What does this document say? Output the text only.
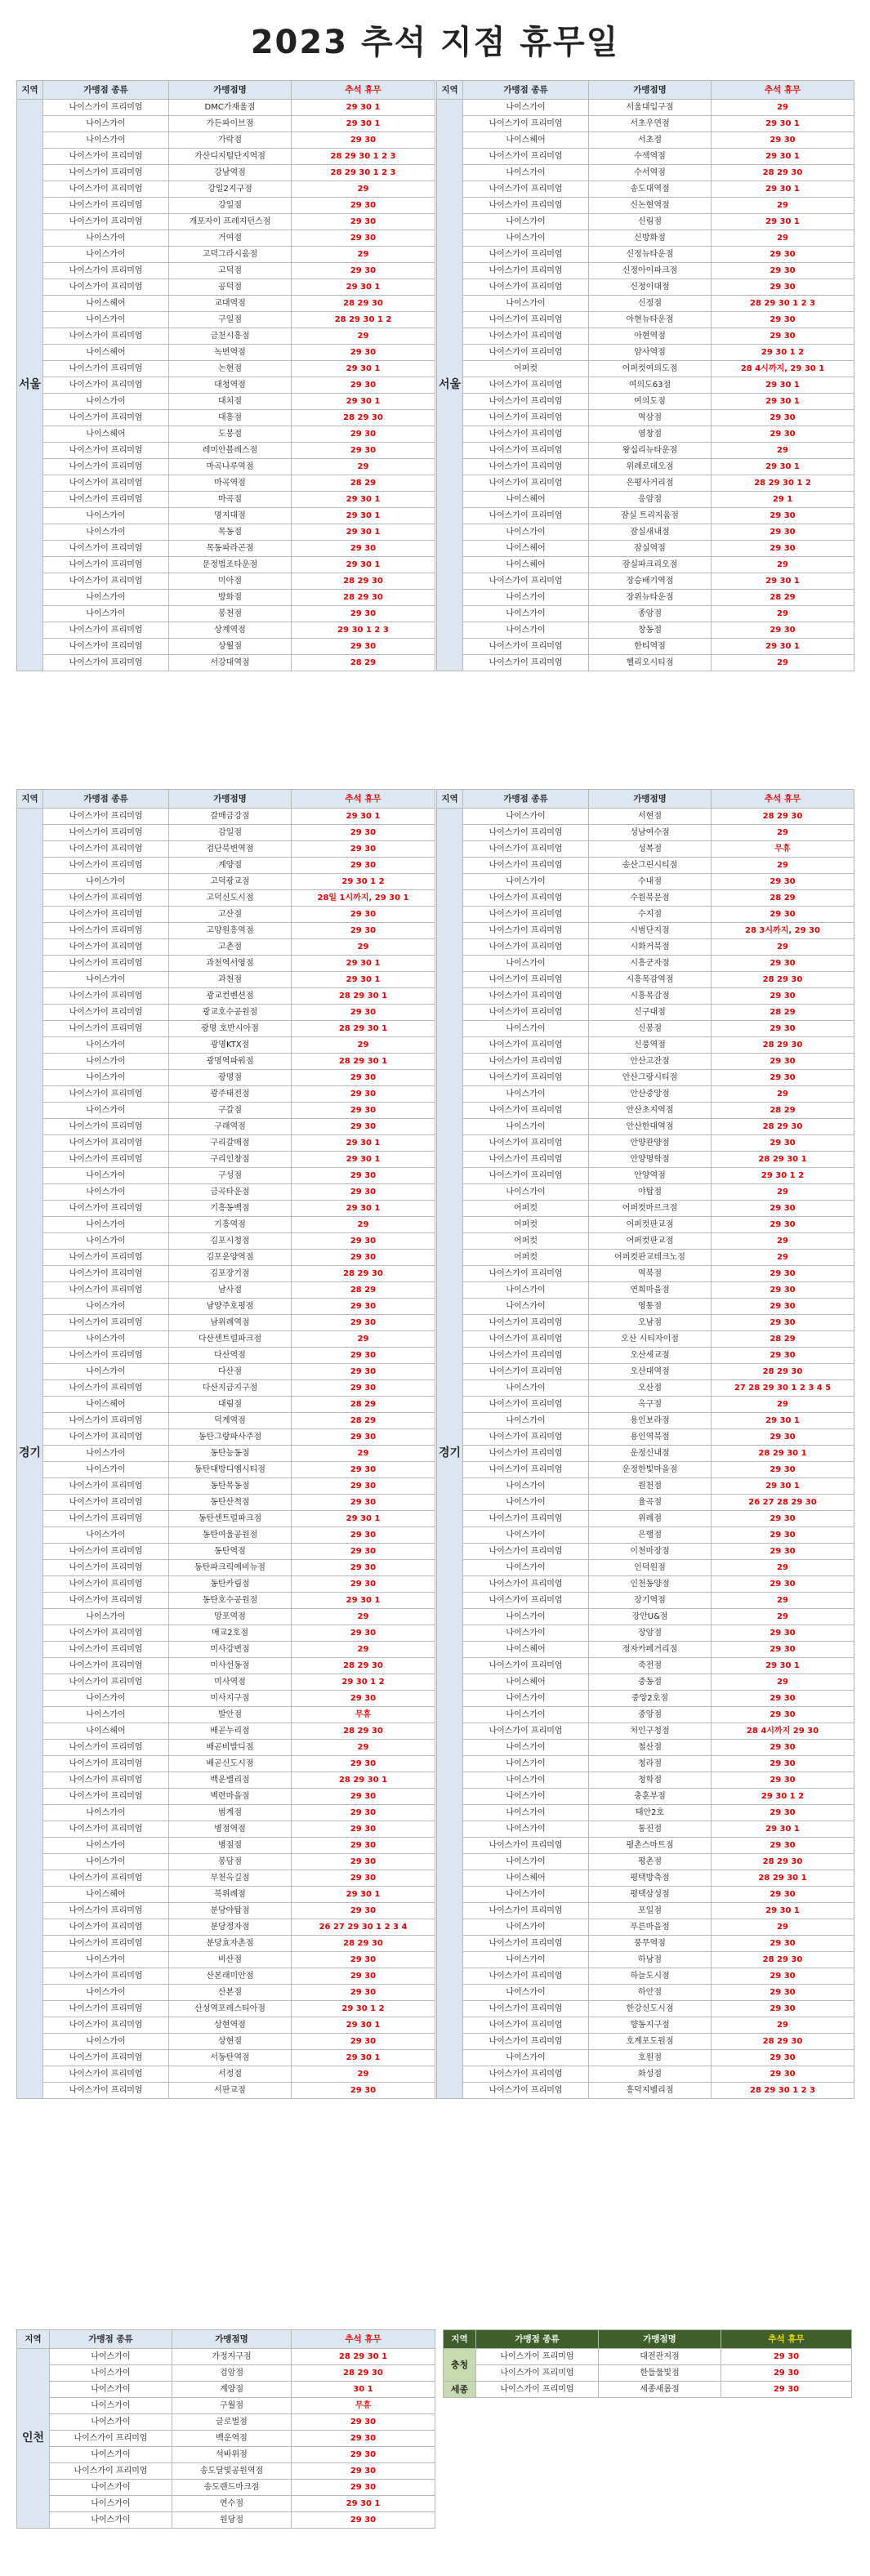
2023 추석 지점 휴무일
지역	가맹점 종류	가맹점명	추석 휴무
서울	나이스가이 프리미엄	DMC가재울점	29 30 1
	나이스가이	가든파이브점	29 30 1
	나이스가이	가락점	29 30
	나이스가이 프리미엄	가산디지털단지역점	28 29 30 1 2 3
	나이스가이 프리미엄	강남역점	28 29 30 1 2 3
	나이스가이 프리미엄	강일2지구점	29
	나이스가이 프리미엄	강일점	29 30
	나이스가이 프리미엄	개포자이 프레지던스점	29 30
	나이스가이	거여점	29 30
	나이스가이	고덕그라시움점	29
	나이스가이 프리미엄	고덕점	29 30
	나이스가이 프리미엄	공덕점	29 30 1
	나이스헤어	교대역점	28 29 30
	나이스가이	구일점	28 29 30 1 2
	나이스가이 프리미엄	금천시흥점	29
	나이스헤어	녹번역점	29 30
	나이스가이 프리미엄	논현점	29 30 1
	나이스가이 프리미엄	대청역점	29 30
	나이스가이	대치점	29 30 1
	나이스가이 프리미엄	대흥점	28 29 30
	나이스헤어	도봉점	29 30
	나이스가이 프리미엄	레미안블레스점	29 30
	나이스가이 프리미엄	마곡나루역점	29
	나이스가이 프리미엄	마곡역점	28 29
	나이스가이 프리미엄	마곡점	29 30 1
	나이스가이	명지대점	29 30 1
	나이스가이	목동점	29 30 1
	나이스가이 프리미엄	목동파라곤점	29 30
	나이스가이 프리미엄	문정법조타운점	29 30 1
	나이스가이 프리미엄	미아점	28 29 30
	나이스가이	방화점	28 29 30
	나이스가이	봉천점	29 30
	나이스가이 프리미엄	상계역점	29 30 1 2 3
	나이스가이 프리미엄	상월점	29 30
	나이스가이 프리미엄	서강대역점	28 29
지역	가맹점 종류	가맹점명	추석 휴무
서울	나이스가이	서울대입구점	29
	나이스가이 프리미엄	서초우면점	29 30 1
	나이스헤어	서초점	29 30
	나이스가이 프리미엄	수색역점	29 30 1
	나이스가이	수서역점	28 29 30
	나이스가이 프리미엄	송도대역점	29 30 1
	나이스가이 프리미엄	신논현역점	29
	나이스가이	신림점	29 30 1
	나이스가이	신방화점	29
	나이스가이 프리미엄	신정뉴타운점	29 30
	나이스가이 프리미엄	신정아이파크점	29 30
	나이스가이 프리미엄	신정이대점	29 30
	나이스가이	신정점	28 29 30 1 2 3
	나이스가이 프리미엄	아현뉴타운점	29 30
	나이스가이 프리미엄	아현역점	29 30
	나이스가이 프리미엄	암사역점	29 30 1 2
	어퍼컷	어퍼컷여의도점	28 4시까지, 29 30 1
	나이스가이 프리미엄	여의도63점	29 30 1
	나이스가이 프리미엄	여의도점	29 30 1
	나이스가이 프리미엄	역삼점	29 30
	나이스가이 프리미엄	염창점	29 30
	나이스가이 프리미엄	왕십리뉴타운점	29
	나이스가이 프리미엄	위례로데오점	29 30 1
	나이스가이 프리미엄	은평사거리점	28 29 30 1 2
	나이스헤어	응암점	29 1
	나이스가이 프리미엄	잠실 트리지움점	29 30
	나이스가이	잠실새내점	29 30
	나이스헤어	잠실역점	29 30
	나이스헤어	잠실파크리오점	29
	나이스가이 프리미엄	장승배기역점	29 30 1
	나이스가이	장위뉴타운점	28 29
	나이스가이	종암점	29
	나이스가이	창동점	29 30
	나이스가이 프리미엄	한티역점	29 30 1
	나이스가이 프리미엄	헬리오시티점	29
지역	가맹점 종류	가맹점명	추석 휴무
경기	나이스가이 프리미엄	갈매금강점	29 30 1
	나이스가이 프리미엄	감일점	29 30
	나이스가이 프리미엄	검단북변역점	29 30
	나이스가이 프리미엄	계양점	29 30
	나이스가이	고덕광교점	29 30 1 2
	나이스가이 프리미엄	고덕신도시점	28일 1시까지, 29 30 1
	나이스가이 프리미엄	고산점	29 30
	나이스가이 프리미엄	고양원흥역점	29 30
	나이스가이 프리미엄	고촌점	29
	나이스가이 프리미엄	과천역서영점	29 30 1
	나이스가이	과천점	29 30 1
	나이스가이 프리미엄	광교컨벤션점	28 29 30 1
	나이스가이 프리미엄	광교호수공원점	29 30
	나이스가이 프리미엄	광명 호반시아점	28 29 30 1
	나이스가이	광명KTX점	29
	나이스가이	광명역파워점	28 29 30 1
	나이스가이	광명점	29 30
	나이스가이 프리미엄	광주태전점	29 30
	나이스가이	구갈점	29 30
	나이스가이 프리미엄	구래역점	29 30
	나이스가이 프리미엄	구리갈매점	29 30 1
	나이스가이 프리미엄	구리인창점	29 30 1
	나이스가이	구성점	29 30
	나이스가이	금곡타운점	29 30
	나이스가이 프리미엄	기흥동백점	29 30 1
	나이스가이	기흥역점	29
	나이스가이	김포시청점	29 30
	나이스가이 프리미엄	김포운양역점	29 30
	나이스가이 프리미엄	김포장기점	28 29 30
	나이스가이 프리미엄	남사점	28 29
	나이스가이	남양주호평점	29 30
	나이스가이 프리미엄	남위례역점	29 30
	나이스가이	다산센트럴파크점	29
	나이스가이 프리미엄	다산역점	29 30
	나이스가이	다산점	29 30
	나이스가이 프리미엄	다산지금지구점	29 30
	나이스헤어	대림점	28 29
	나이스가이 프리미엄	덕계역점	28 29
	나이스가이 프리미엄	동탄그랑파사주점	29 30
	나이스가이	동탄능동점	29
	나이스가이	동탄대방디엠시티점	29 30
	나이스가이 프리미엄	동탄목동점	29 30
	나이스가이 프리미엄	동탄산척점	29 30
	나이스가이 프리미엄	동탄센트럴파크점	29 30 1
	나이스가이	동탄여울공원점	29 30
	나이스가이 프리미엄	동탄역점	29 30
	나이스가이 프리미엄	동탄파크릭에비뉴점	29 30
	나이스가이 프리미엄	동탄카림점	29 30
	나이스가이 프리미엄	동탄호수공원점	29 30 1
	나이스가이	망포역점	29
	나이스가이 프리미엄	매교2호점	29 30
	나이스가이 프리미엄	미사강변점	29
	나이스가이 프리미엄	미사선동점	28 29 30
	나이스가이 프리미엄	미사역점	29 30 1 2
	나이스가이	미사지구점	29 30
	나이스가이	발안점	무휴
	나이스헤어	배곧누리점	28 29 30
	나이스가이 프리미엄	배곧비발디점	29
	나이스가이 프리미엄	배곧신도시점	29 30
	나이스가이 프리미엄	백운밸리점	28 29 30 1
	나이스가이 프리미엄	벽련마을점	29 30
	나이스가이	범계점	29 30
	나이스가이 프리미엄	병점역점	29 30
	나이스가이	병점점	29 30
	나이스가이	봉담점	29 30
	나이스가이 프리미엄	부천옥길점	29 30
	나이스헤어	북위례점	29 30 1
	나이스가이 프리미엄	분당야탑점	29 30
	나이스가이 프리미엄	분당정자점	26 27 29 30 1 2 3 4
	나이스가이 프리미엄	분당효자촌점	28 29 30
	나이스가이	비산점	29 30
	나이스가이 프리미엄	산본래미안점	29 30
	나이스가이	산본점	29 30
	나이스가이 프리미엄	산성역포레스티아점	29 30 1 2
	나이스가이 프리미엄	상현역점	29 30 1
	나이스가이	상현점	29 30
	나이스가이 프리미엄	서동탄역점	29 30 1
	나이스가이 프리미엄	서정점	29
	나이스가이 프리미엄	서판교점	29 30
지역	가맹점 종류	가맹점명	추석 휴무
경기	나이스가이	서현점	28 29 30
	나이스가이 프리미엄	성남여수점	29
	나이스가이 프리미엄	성복점	무휴
	나이스가이 프리미엄	송산그린시티점	29
	나이스가이	수내점	29 30
	나이스가이 프리미엄	수원북문점	28 29
	나이스가이 프리미엄	수지점	29 30
	나이스가이 프리미엄	시범단지점	28 3시까지, 29 30
	나이스가이 프리미엄	시화거북점	29
	나이스가이	시흥군자점	29 30
	나이스가이 프리미엄	시흥목감역점	28 29 30
	나이스가이 프리미엄	시흥목감점	29 30
	나이스가이 프리미엄	신구대점	28 29
	나이스가이	신봉점	29 30
	나이스가이 프리미엄	신풍역점	28 29 30
	나이스가이 프리미엄	안산고잔점	29 30
	나이스가이 프리미엄	안산그랑시티점	29 30
	나이스가이	안산중앙점	29
	나이스가이 프리미엄	안산초지역점	28 29
	나이스가이	안산한대역점	28 29 30
	나이스가이 프리미엄	안양관양점	29 30
	나이스가이 프리미엄	안양명학점	28 29 30 1
	나이스가이 프리미엄	안양역점	29 30 1 2
	나이스가이	야탑점	29
	어퍼컷	어퍼컷마르크점	29 30
	어퍼컷	어퍼컷판교점	29 30
	어퍼컷	어퍼컷판교점	29
	어퍼컷	어퍼컷판교테크노점	29
	나이스가이 프리미엄	역북점	29 30
	나이스가이	연희마을점	29 30
	나이스가이	영통점	29 30
	나이스가이 프리미엄	오남점	29 30
	나이스가이 프리미엄	오산 시티자이점	28 29
	나이스가이 프리미엄	오산세교점	29 30
	나이스가이 프리미엄	오산대역점	28 29 30
	나이스가이	오산점	27 28 29 30 1 2 3 4 5
	나이스가이 프리미엄	옥구점	29
	나이스가이	용인보라점	29 30 1
	나이스가이 프리미엄	용인역북점	29 30
	나이스가이 프리미엄	운정신내점	28 29 30 1
	나이스가이 프리미엄	운정한빛마을점	29 30
	나이스가이	원천점	29 30 1
	나이스가이	율곡점	26 27 28 29 30
	나이스가이 프리미엄	위례점	29 30
	나이스가이	은행점	29 30
	나이스가이 프리미엄	이천마장점	29 30
	나이스가이	인덕원점	29
	나이스가이 프리미엄	인천동양점	29 30
	나이스가이 프리미엄	장기역점	29
	나이스가이	장안U&점	29
	나이스가이	장암점	29 30
	나이스헤어	정자카페거리점	29 30
	나이스가이 프리미엄	죽전점	29 30 1
	나이스헤어	중동점	29
	나이스가이	중앙2호점	29 30
	나이스가이	중앙점	29 30
	나이스가이 프리미엄	처인구청점	28 4시까지 29 30
	나이스가이	철산점	29 30
	나이스가이	청라점	29 30
	나이스가이	청학점	29 30
	나이스가이	충훈부점	29 30 1 2
	나이스가이	태안2호	29 30
	나이스가이	통진점	29 30 1
	나이스가이 프리미엄	평촌스마트점	29 30
	나이스가이	평촌점	28 29 30
	나이스헤어	평택방축점	28 29 30 1
	나이스가이	평택삼성점	29 30
	나이스가이 프리미엄	포일점	29 30 1
	나이스가이	푸른마을점	29
	나이스가이 프리미엄	풍무역점	29 30
	나이스가이	하남점	28 29 30
	나이스가이 프리미엄	하늘도시점	29 30
	나이스가이	하안점	29 30
	나이스가이 프리미엄	한강신도시점	29 30
	나이스가이 프리미엄	향동지구점	29
	나이스가이 프리미엄	호계포도원점	28 29 30
	나이스가이	호원점	29 30
	나이스가이 프리미엄	화성점	29 30
	나이스가이 프리미엄	흥덕지벨리점	28 29 30 1 2 3
지역	가맹점 종류	가맹점명	추석 휴무
인천	나이스가이	가정지구점	28 29 30 1
	나이스가이	검암점	28 29 30
	나이스가이	계양점	30 1
	나이스가이	구월점	무휴
	나이스가이	글로벌점	29 30
	나이스가이 프리미엄	백운역점	29 30
	나이스가이	석바위점	29 30
	나이스가이 프리미엄	송도달빛공원역점	29 30
	나이스가이	송도랜드마크점	29 30
	나이스가이	연수점	29 30 1
	나이스가이	원당점	29 30
지역	가맹점 종류	가맹점명	추석 휴무
충청	나이스가이 프리미엄	대전관저점	29 30
	나이스가이 프리미엄	한들물빛점	29 30
세종	나이스가이 프리미엄	세종새롬점	29 30
